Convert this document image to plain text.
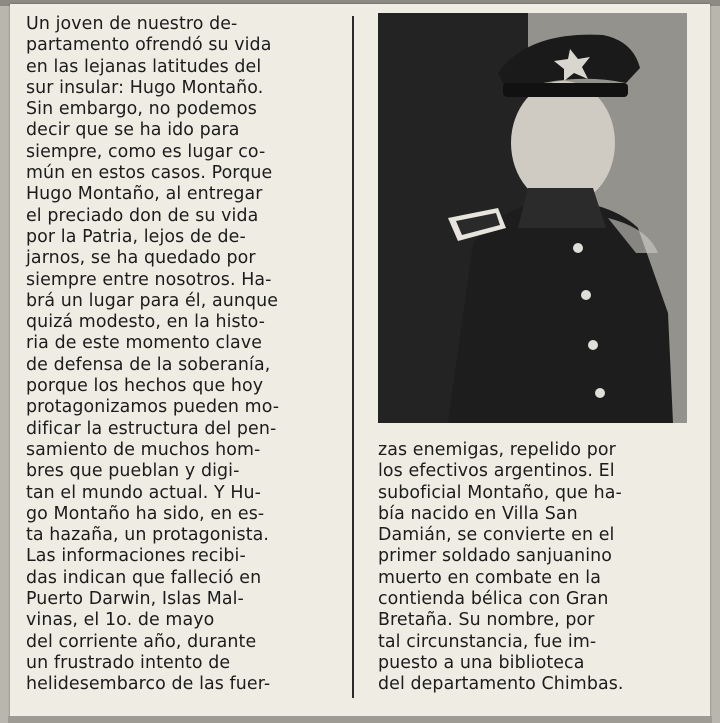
Un joven de nuestro de-
partamento ofrendó su vida
en las lejanas latitudes del
sur insular: Hugo Montaño.
Sin embargo, no podemos
decir que se ha ido para
siempre, como es lugar co-
mún en estos casos. Porque
Hugo Montaño, al entregar
el preciado don de su vida
por la Patria, lejos de de-
jarnos, se ha quedado por
siempre entre nosotros. Ha-
brá un lugar para él, aunque
quizá modesto, en la histo-
ria de este momento clave
de defensa de la soberanía,
porque los hechos que hoy
protagonizamos pueden mo-
dificar la estructura del pen-
samiento de muchos hom-
bres que pueblan y digi-
tan el mundo actual. Y Hu-
go Montaño ha sido, en es-
ta hazaña, un protagonista.
Las informaciones recibi-
das indican que falleció en
Puerto Darwin, Islas Mal-
vinas, el 1o. de mayo
del corriente año, durante
un frustrado intento de
helidesembarco de las fuer-
zas enemigas, repelido por
los efectivos argentinos. El
suboficial Montaño, que ha-
bía nacido en Villa San
Damián, se convierte en el
primer soldado sanjuanino
muerto en combate en la
contienda bélica con Gran
Bretaña. Su nombre, por
tal circunstancia, fue im-
puesto a una biblioteca
del departamento Chimbas.
